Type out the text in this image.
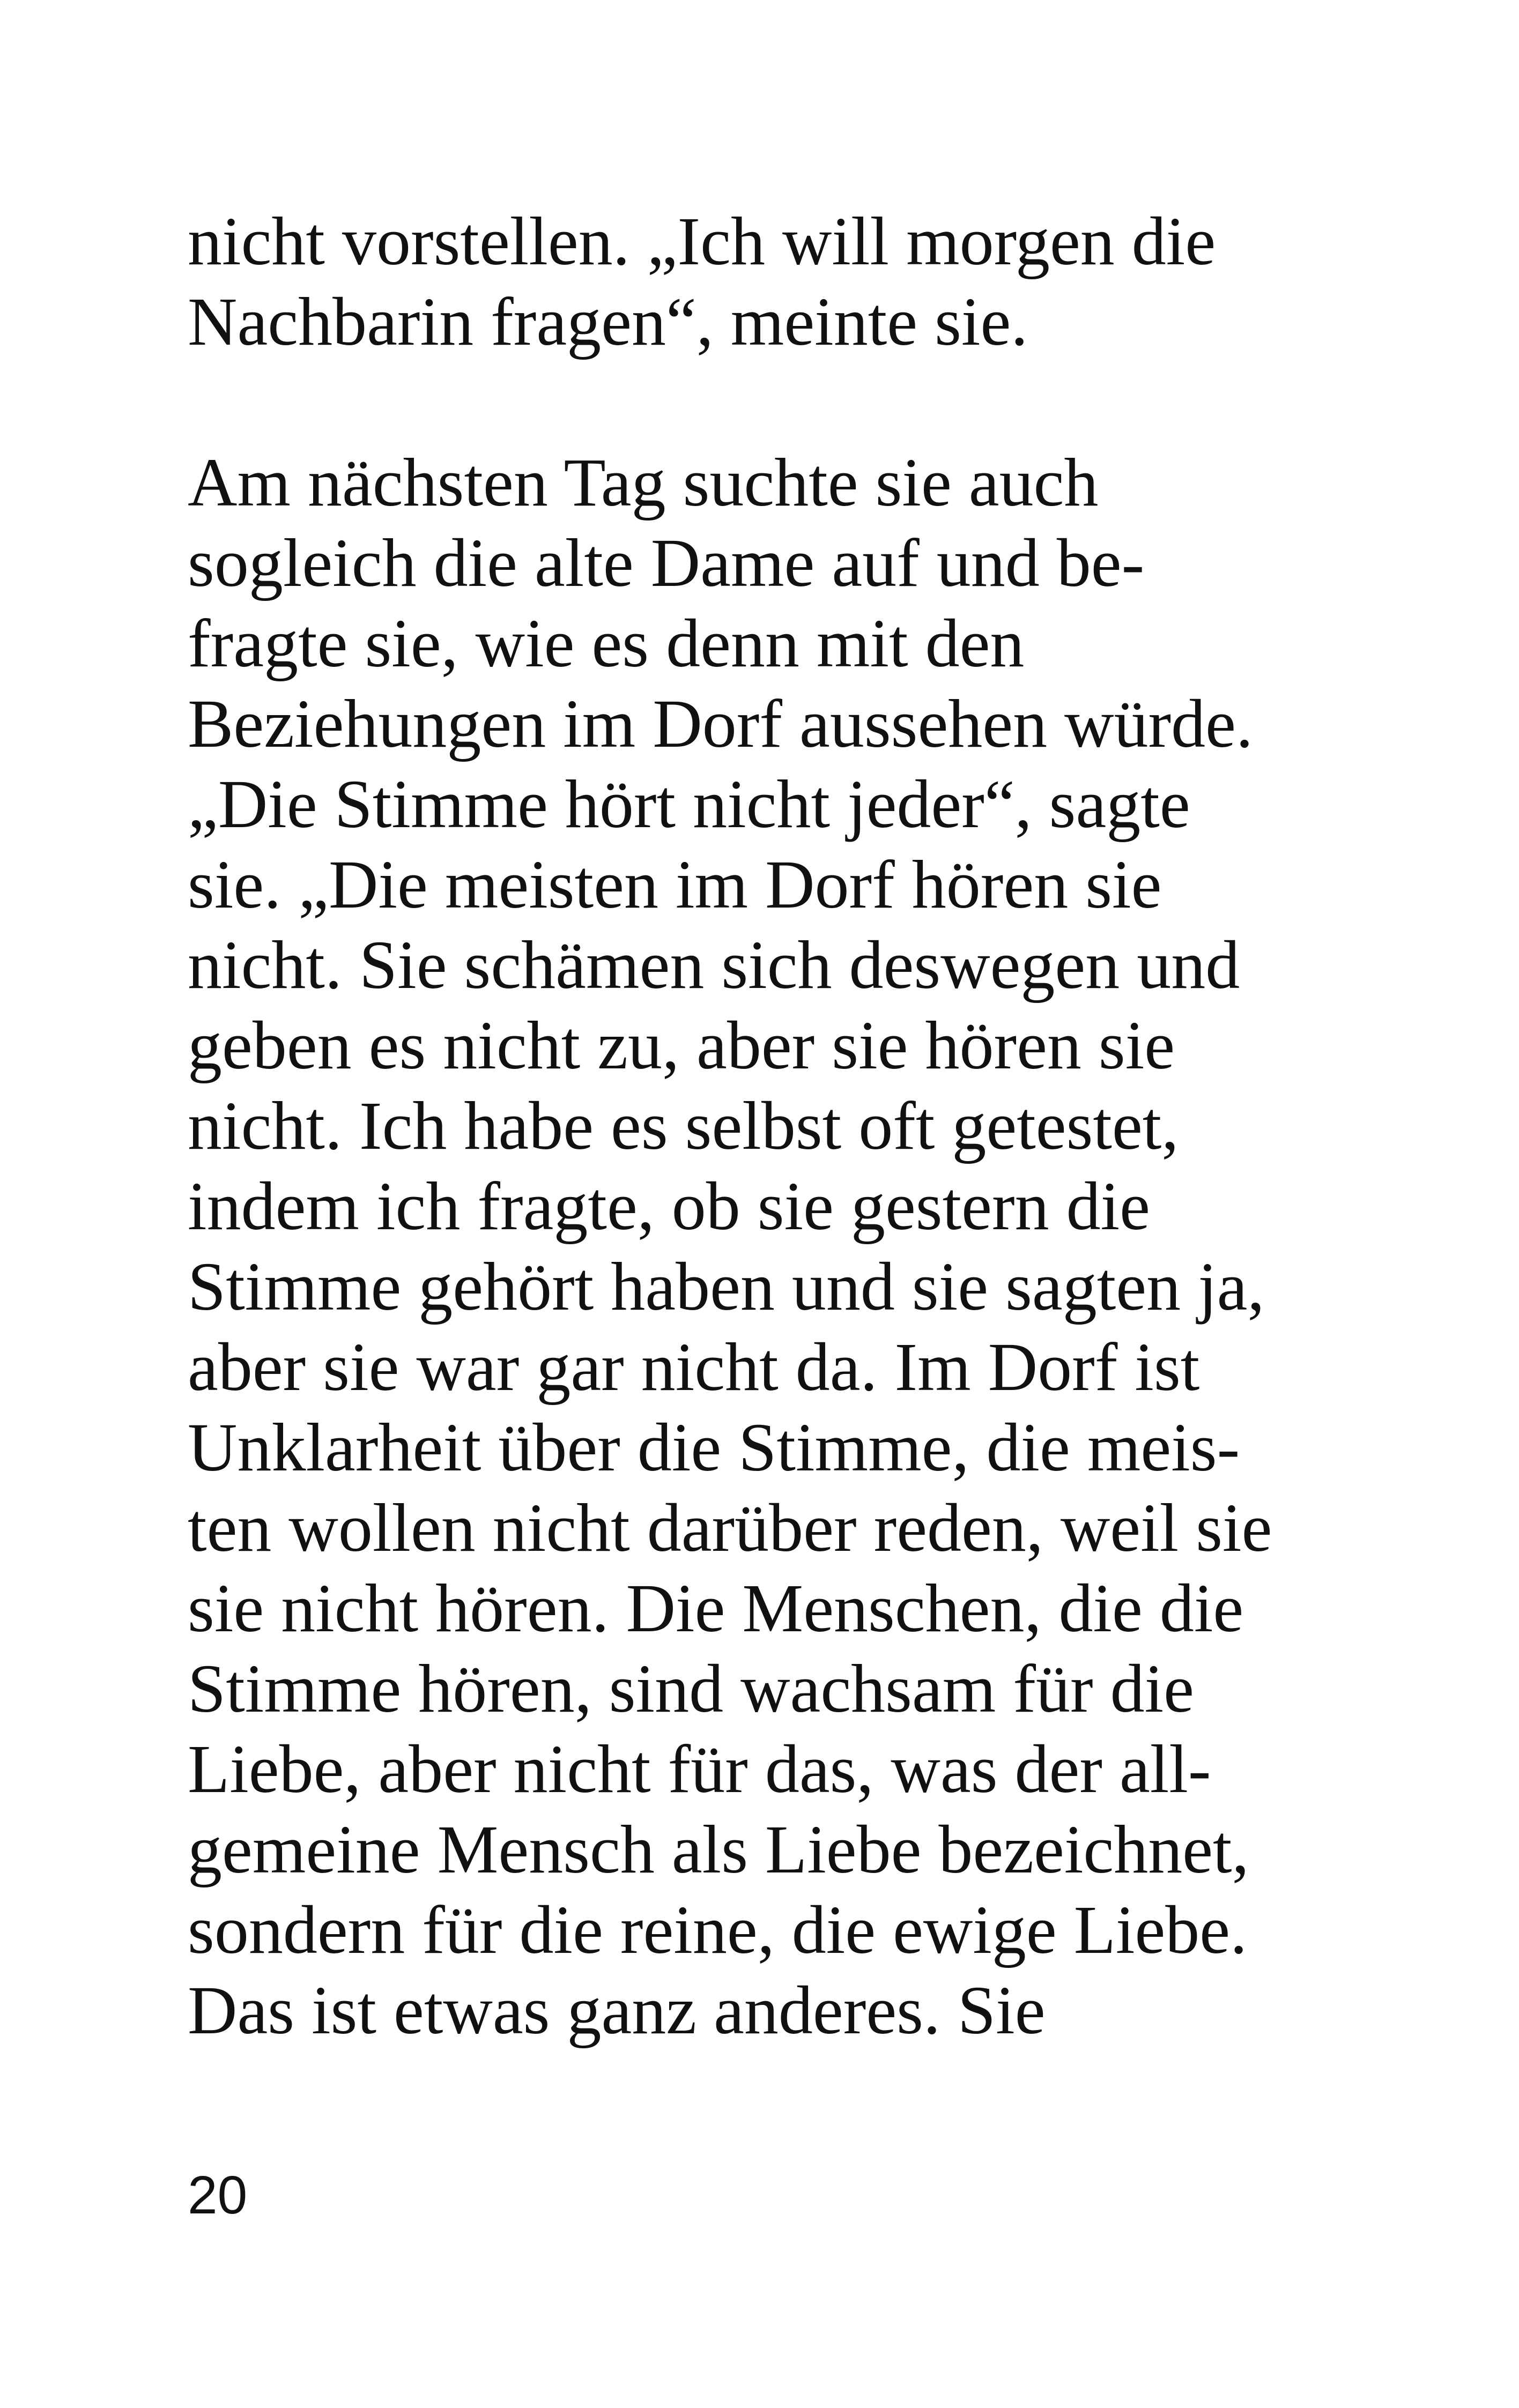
nicht vorstellen. „Ich will morgen die
Nachbarin fragen“, meinte sie.

Am nächsten Tag suchte sie auch
sogleich die alte Dame auf und be-
fragte sie, wie es denn mit den
Beziehungen im Dorf aussehen würde.
„Die Stimme hört nicht jeder“, sagte
sie. „Die meisten im Dorf hören sie
nicht. Sie schämen sich deswegen und
geben es nicht zu, aber sie hören sie
nicht. Ich habe es selbst oft getestet,
indem ich fragte, ob sie gestern die
Stimme gehört haben und sie sagten ja,
aber sie war gar nicht da. Im Dorf ist
Unklarheit über die Stimme, die meis-
ten wollen nicht darüber reden, weil sie
sie nicht hören. Die Menschen, die die
Stimme hören, sind wachsam für die
Liebe, aber nicht für das, was der all-
gemeine Mensch als Liebe bezeichnet,
sondern für die reine, die ewige Liebe.
Das ist etwas ganz anderes. Sie

20
